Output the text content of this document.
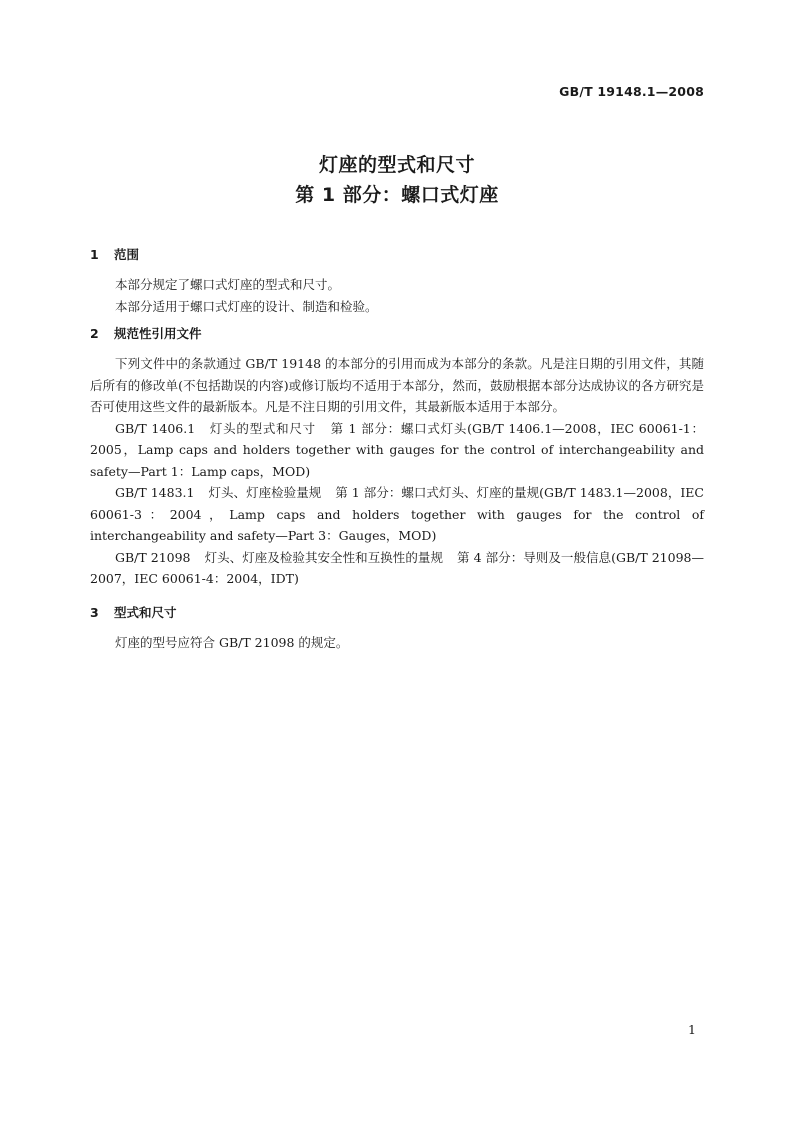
GB/T 19148.1—2008
灯座的型式和尺寸
第 1 部分：螺口式灯座
1 范围

本部分规定了螺口式灯座的型式和尺寸。

本部分适用于螺口式灯座的设计、制造和检验。

2 规范性引用文件

下列文件中的条款通过 GB/T 19148 的本部分的引用而成为本部分的条款。凡是注日期的引用文件，其随后所有的修改单(不包括勘误的内容)或修订版均不适用于本部分，然而，鼓励根据本部分达成协议的各方研究是否可使用这些文件的最新版本。凡是不注日期的引用文件，其最新版本适用于本部分。

GB/T 1406.1 灯头的型式和尺寸 第 1 部分：螺口式灯头(GB/T 1406.1—2008，IEC 60061-1：2005，Lamp caps and holders together with gauges for the control of interchangeability and safety—Part 1：Lamp caps，MOD)

GB/T 1483.1 灯头、灯座检验量规 第 1 部分：螺口式灯头、灯座的量规(GB/T 1483.1—2008，IEC 60061-3：2004，Lamp caps and holders together with gauges for the control of interchangeability and safety—Part 3：Gauges，MOD)

GB/T 21098 灯头、灯座及检验其安全性和互换性的量规 第 4 部分：导则及一般信息(GB/T 21098—2007，IEC 60061-4：2004，IDT)

3 型式和尺寸

灯座的型号应符合 GB/T 21098 的规定。

1
